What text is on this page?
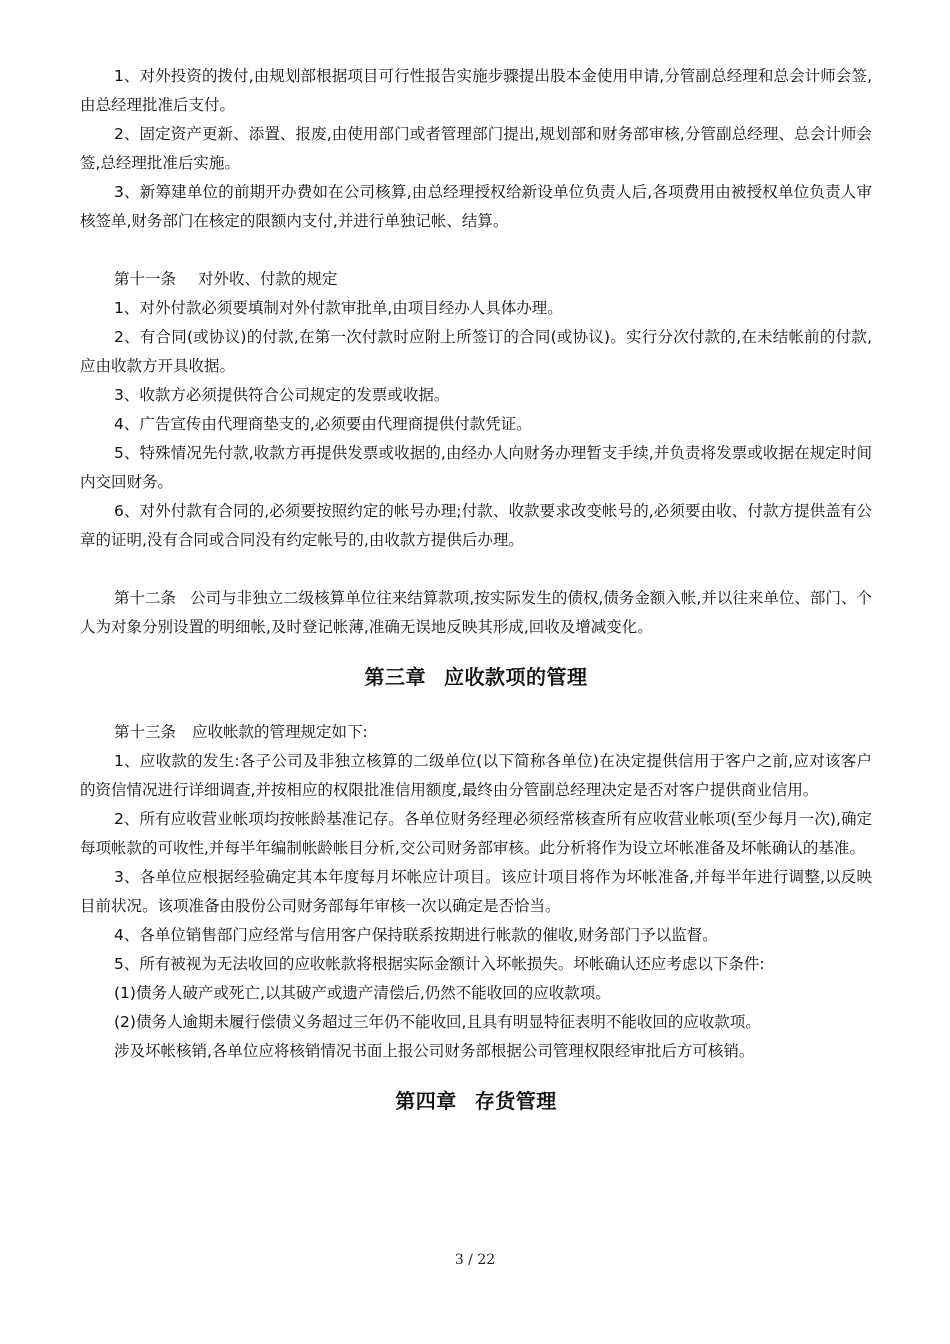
1、对外投资的拨付,由规划部根据项目可行性报告实施步骤提出股本金使用申请,分管副总经理和总会计师会签,由总经理批准后支付。

2、固定资产更新、添置、报废,由使用部门或者管理部门提出,规划部和财务部审核,分管副总经理、总会计师会签,总经理批准后实施。

3、新筹建单位的前期开办费如在公司核算,由总经理授权给新设单位负责人后,各项费用由被授权单位负责人审核签单,财务部门在核定的限额内支付,并进行单独记帐、结算。

第十一条 对外收、付款的规定

1、对外付款必须要填制对外付款审批单,由项目经办人具体办理。

2、有合同(或协议)的付款,在第一次付款时应附上所签订的合同(或协议)。实行分次付款的,在未结帐前的付款,应由收款方开具收据。

3、收款方必须提供符合公司规定的发票或收据。

4、广告宣传由代理商垫支的,必须要由代理商提供付款凭证。

5、特殊情况先付款,收款方再提供发票或收据的,由经办人向财务办理暂支手续,并负责将发票或收据在规定时间内交回财务。

6、对外付款有合同的,必须要按照约定的帐号办理;付款、收款要求改变帐号的,必须要由收、付款方提供盖有公章的证明,没有合同或合同没有约定帐号的,由收款方提供后办理。

第十二条 公司与非独立二级核算单位往来结算款项,按实际发生的债权,债务金额入帐,并以往来单位、部门、个人为对象分别设置的明细帐,及时登记帐薄,准确无误地反映其形成,回收及增减变化。

第三章 应收款项的管理

第十三条 应收帐款的管理规定如下:

1、应收款的发生:各子公司及非独立核算的二级单位(以下简称各单位)在决定提供信用于客户之前,应对该客户的资信情况进行详细调查,并按相应的权限批准信用额度,最终由分管副总经理决定是否对客户提供商业信用。

2、所有应收营业帐项均按帐龄基准记存。各单位财务经理必须经常核查所有应收营业帐项(至少每月一次),确定每项帐款的可收性,并每半年编制帐龄帐目分析,交公司财务部审核。此分析将作为设立坏帐准备及坏帐确认的基准。

3、各单位应根据经验确定其本年度每月坏帐应计项目。该应计项目将作为坏帐准备,并每半年进行调整,以反映目前状况。该项准备由股份公司财务部每年审核一次以确定是否恰当。

4、各单位销售部门应经常与信用客户保持联系按期进行帐款的催收,财务部门予以监督。

5、所有被视为无法收回的应收帐款将根据实际金额计入坏帐损失。坏帐确认还应考虑以下条件:

(1)债务人破产或死亡,以其破产或遗产清偿后,仍然不能收回的应收款项。

(2)债务人逾期未履行偿债义务超过三年仍不能收回,且具有明显特征表明不能收回的应收款项。

涉及坏帐核销,各单位应将核销情况书面上报公司财务部根据公司管理权限经审批后方可核销。

第四章 存货管理

3 / 22
